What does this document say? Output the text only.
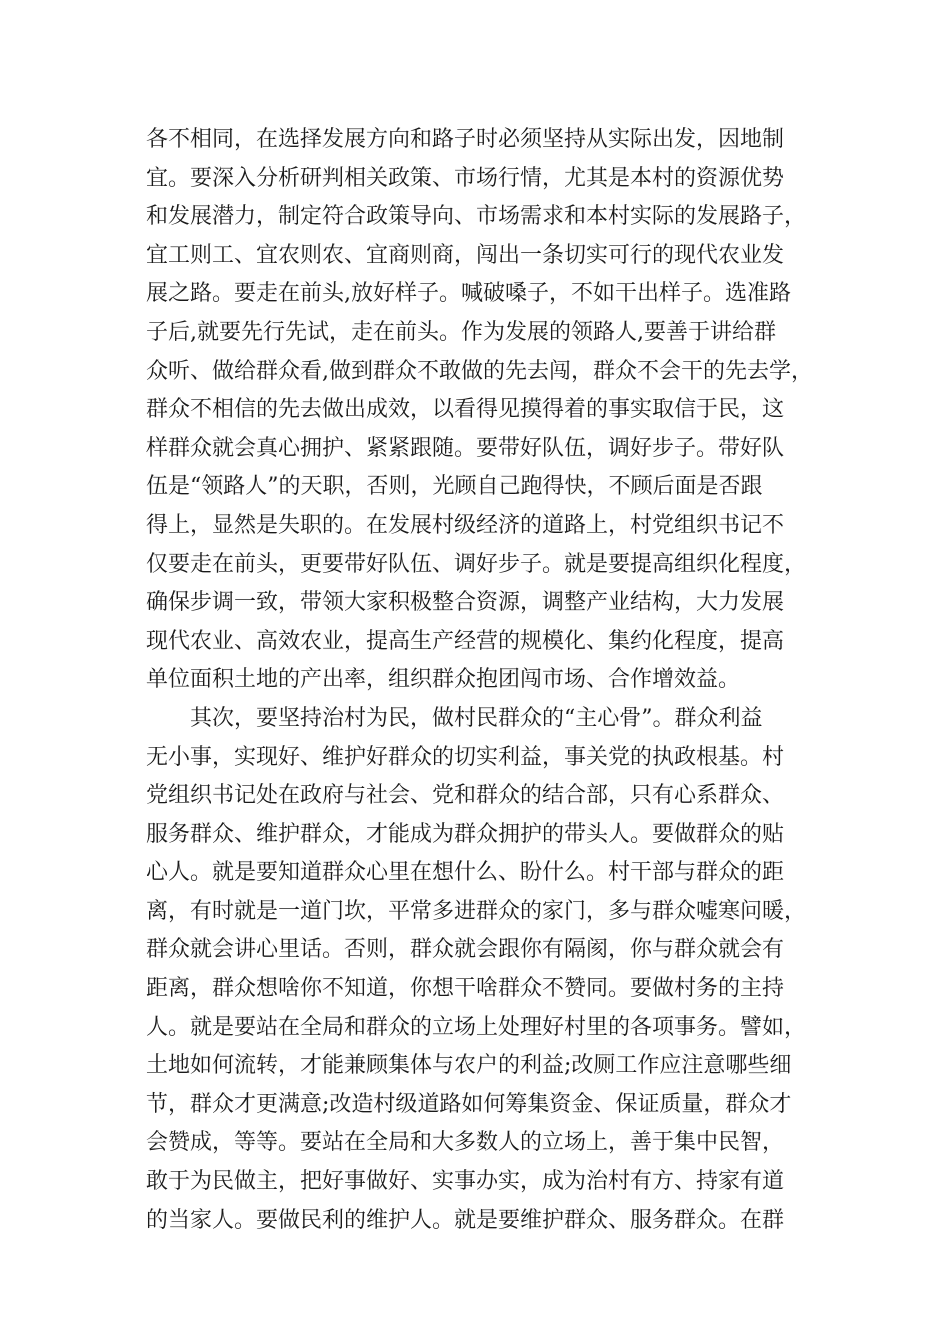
各不相同，在选择发展方向和路子时必须坚持从实际出发，因地制
宜。要深入分析研判相关政策、市场行情，尤其是本村的资源优势
和发展潜力，制定符合政策导向、市场需求和本村实际的发展路子，
宜工则工、宜农则农、宜商则商，闯出一条切实可行的现代农业发
展之路。要走在前头,放好样子。喊破嗓子，不如干出样子。选准路
子后,就要先行先试，走在前头。作为发展的领路人,要善于讲给群
众听、做给群众看,做到群众不敢做的先去闯，群众不会干的先去学，
群众不相信的先去做出成效，以看得见摸得着的事实取信于民，这
样群众就会真心拥护、紧紧跟随。要带好队伍，调好步子。带好队
伍是“领路人”的天职，否则，光顾自己跑得快，不顾后面是否跟
得上，显然是失职的。在发展村级经济的道路上，村党组织书记不
仅要走在前头，更要带好队伍、调好步子。就是要提高组织化程度，
确保步调一致，带领大家积极整合资源，调整产业结构，大力发展
现代农业、高效农业，提高生产经营的规模化、集约化程度，提高
单位面积土地的产出率，组织群众抱团闯市场、合作增效益。
其次，要坚持治村为民，做村民群众的“主心骨”。群众利益
无小事，实现好、维护好群众的切实利益，事关党的执政根基。村
党组织书记处在政府与社会、党和群众的结合部，只有心系群众、
服务群众、维护群众，才能成为群众拥护的带头人。要做群众的贴
心人。就是要知道群众心里在想什么、盼什么。村干部与群众的距
离，有时就是一道门坎，平常多进群众的家门，多与群众嘘寒问暖，
群众就会讲心里话。否则，群众就会跟你有隔阂，你与群众就会有
距离，群众想啥你不知道，你想干啥群众不赞同。要做村务的主持
人。就是要站在全局和群众的立场上处理好村里的各项事务。譬如，
土地如何流转，才能兼顾集体与农户的利益;改厕工作应注意哪些细
节，群众才更满意;改造村级道路如何筹集资金、保证质量，群众才
会赞成，等等。要站在全局和大多数人的立场上，善于集中民智，
敢于为民做主，把好事做好、实事办实，成为治村有方、持家有道
的当家人。要做民利的维护人。就是要维护群众、服务群众。在群
